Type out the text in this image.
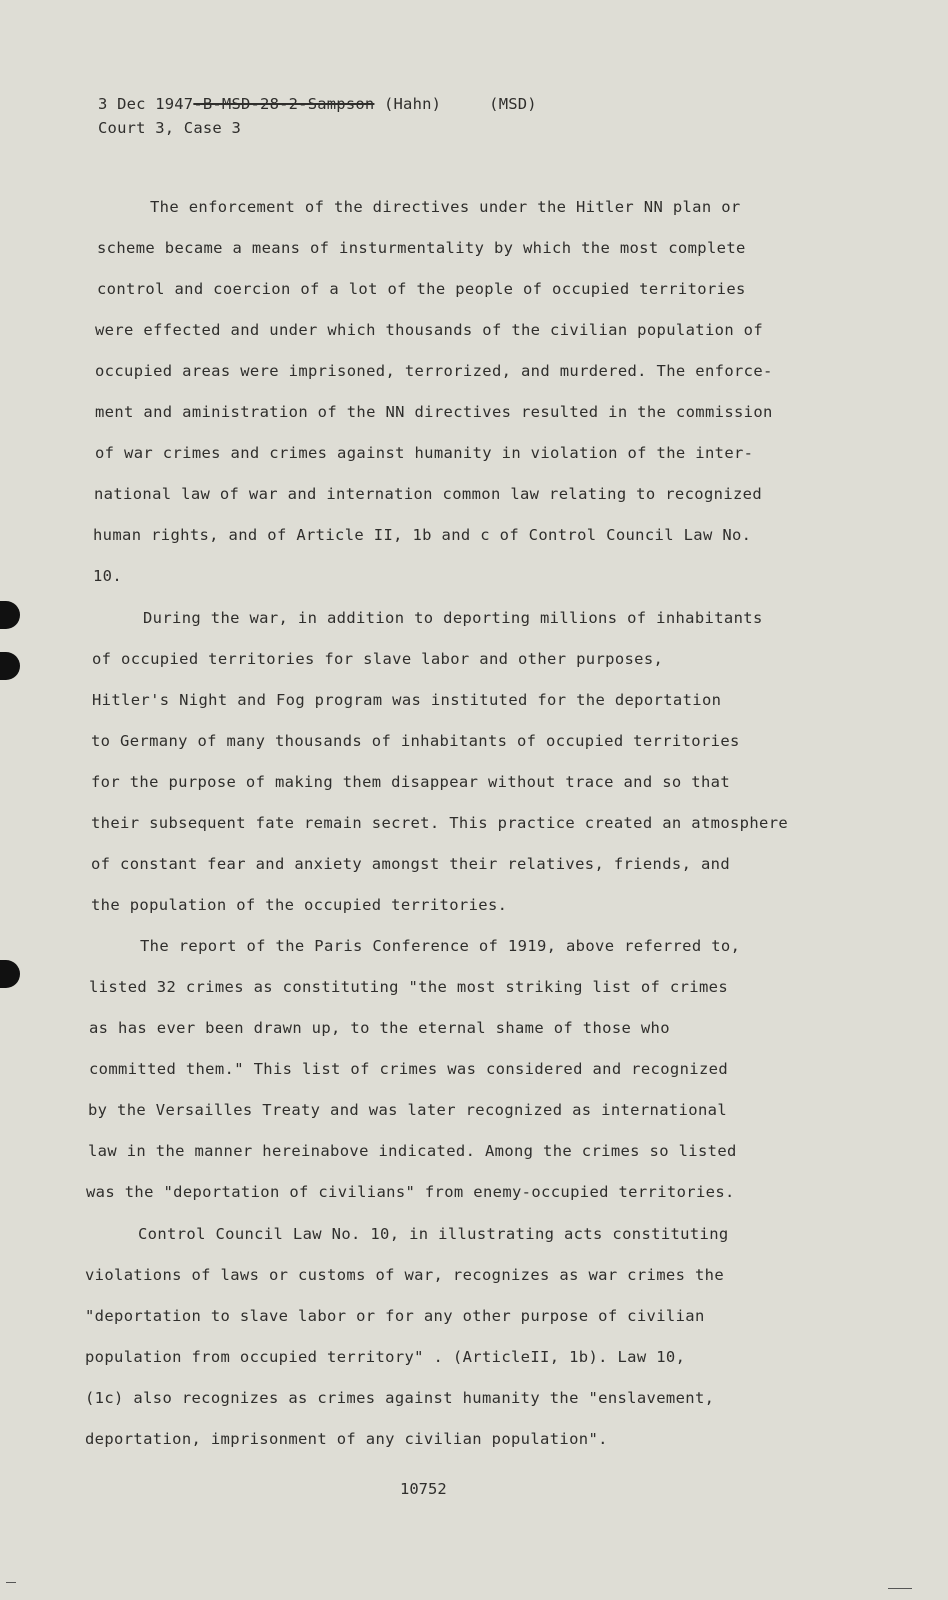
3 Dec 1947-B-MSD-28-2-Sampson (Hahn)	(MSD)
Court 3, Case 3
The enforcement of the directives under the Hitler NN plan or
scheme became a means of insturmentality by which the most complete
control and coercion of a lot of the people of occupied territories
were effected and under which thousands of the civilian population of
occupied areas were imprisoned, terrorized, and murdered. The enforce-
ment and aministration of the NN directives resulted in the commission
of war crimes and crimes against humanity in violation of the inter-
national law of war and internation common law relating to recognized
human rights, and of Article II, 1b and c of Control Council Law No.
10.
During the war, in addition to deporting millions of inhabitants
of occupied territories for slave labor and other purposes,
Hitler's Night and Fog program was instituted for the deportation
to Germany of many thousands of inhabitants of occupied territories
for the purpose of making them disappear without trace and so that
their subsequent fate remain secret. This practice created an atmosphere
of constant fear and anxiety amongst their relatives, friends, and
the population of the occupied territories.
The report of the Paris Conference of 1919, above referred to,
listed 32 crimes as constituting "the most striking list of crimes
as has ever been drawn up, to the eternal shame of those who
committed them." This list of crimes was considered and recognized
by the Versailles Treaty and was later recognized as international
law in the manner hereinabove indicated. Among the crimes so listed
was the "deportation of civilians" from enemy-occupied territories.
Control Council Law No. 10, in illustrating acts constituting
violations of laws or customs of war, recognizes as war crimes the
"deportation to slave labor or for any other purpose of civilian
population from occupied territory" . (ArticleII, 1b). Law 10,
(1c) also recognizes as crimes against humanity the "enslavement,
deportation, imprisonment of any civilian population".
10752
